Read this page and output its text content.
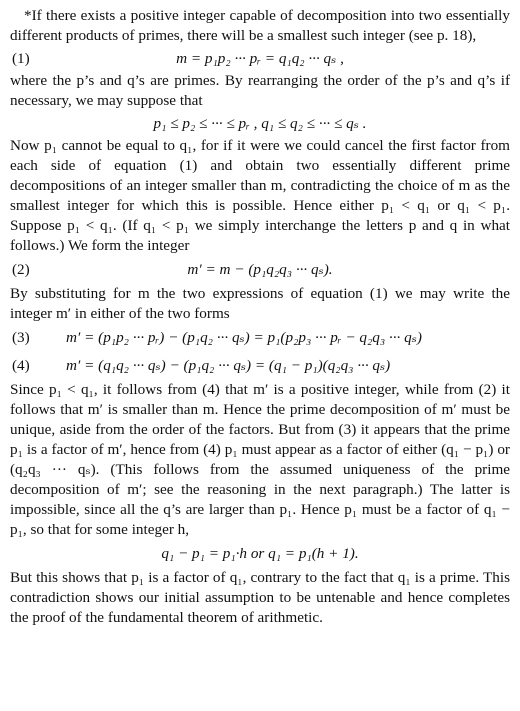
*If there exists a positive integer capable of decomposition into two essentially different products of primes, there will be a smallest such integer (see p. 18),

(1)	m = p₁p₂ ··· pᵣ = q₁q₂ ··· qₛ ,

where the p’s and q’s are primes. By rearranging the order of the p’s and q’s if necessary, we may suppose that

p₁ ≤ p₂ ≤ ··· ≤ pᵣ , q₁ ≤ q₂ ≤ ··· ≤ qₛ .

Now p₁ cannot be equal to q₁, for if it were we could cancel the first factor from each side of equation (1) and obtain two essentially different prime decompositions of an integer smaller than m, contradicting the choice of m as the smallest integer for which this is possible. Hence either p₁ < q₁ or q₁ < p₁. Suppose p₁ < q₁. (If q₁ < p₁ we simply interchange the letters p and q in what follows.) We form the integer

(2)	m′ = m − (p₁q₂q₃ ··· qₛ).

By substituting for m the two expressions of equation (1) we may write the integer m′ in either of the two forms

(3) m′ = (p₁p₂ ··· pᵣ) − (p₁q₂ ··· qₛ) = p₁(p₂p₃ ··· pᵣ − q₂q₃ ··· qₛ)
(4) m′ = (q₁q₂ ··· qₛ) − (p₁q₂ ··· qₛ) = (q₁ − p₁)(q₂q₃ ··· qₛ)

Since p₁ < q₁, it follows from (4) that m′ is a positive integer, while from (2) it follows that m′ is smaller than m. Hence the prime decomposition of m′ must be unique, aside from the order of the factors. But from (3) it appears that the prime p₁ is a factor of m′, hence from (4) p₁ must appear as a factor of either (q₁ − p₁) or (q₂q₃ ··· qₛ). (This follows from the assumed uniqueness of the prime decomposition of m′; see the reasoning in the next paragraph.) The latter is impossible, since all the q’s are larger than p₁. Hence p₁ must be a factor of q₁ − p₁, so that for some integer h,

q₁ − p₁ = p₁·h or q₁ = p₁(h + 1).

But this shows that p₁ is a factor of q₁, contrary to the fact that q₁ is a prime. This contradiction shows our initial assumption to be untenable and hence completes the proof of the fundamental theorem of arithmetic.
